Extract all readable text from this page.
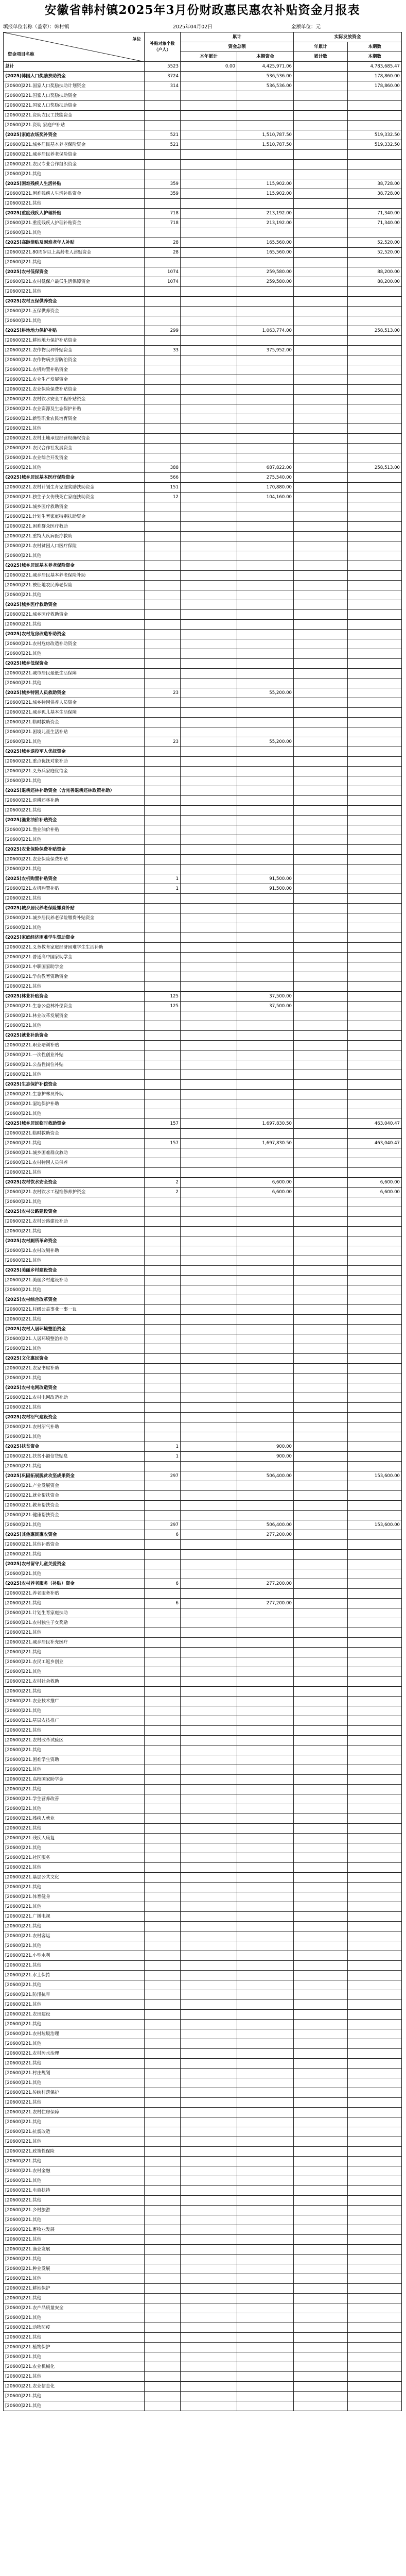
安徽省韩村镇2025年3月份财政惠民惠农补贴资金月报表
填报单位名称（盖章）：韩村镇	2025年04月02日	金额单位：元
单位
资金项目名称	补贴对象个数（户人）	累计		实际发放资金	
		资金总额		年累计	本期数
		本年累计	本期资金	累计数	本期数
总计	5523	0.00	4,425,971.06		4,783,685.47
(2025)韩国人口奖励扶助资金	3724		536,536.00		178,860.00
[20600]221.国家人口奖励扶助计划资金	314		536,536.00		178,860.00
[20600]221.国家人口奖励扶助资金					
[20600]221.国家人口奖励扶助资金					
[20600]221.资助农民工技能资金					
[20600]221.资助 家庭户补贴					
(2025)家庭农场奖补资金	521		1,510,787.50		519,332.50
[20600]221.城乡居民基本养老保险资金	521		1,510,787.50		519,332.50
[20600]221.城乡居民养老保险资金					
[20600]221.农民专业合作组织资金					
[20600]221.其他					
(2025)困难残疾人生活补贴	359		115,902.00		38,728.00
[20600]221.困难残疾人生活补贴资金	359		115,902.00		38,728.00
[20600]221.其他					
(2025)重度残疾人护理补贴	718		213,192.00		71,340.00
[20600]221.重度残疾人护理补贴资金	718		213,192.00		71,340.00
[20600]221.其他					
(2025)高龄津贴及困难老年人补贴	28		165,560.00		52,520.00
[20600]221.80周岁以上高龄老人津贴资金	28		165,560.00		52,520.00
[20600]221.其他					
(2025)农村低保资金	1074		259,580.00		88,200.00
[20600]221.农村低保户最低生活保障资金	1074		259,580.00		88,200.00
[20600]221.其他					
(2025)农村五保供养资金					
[20600]221.五保供养资金					
[20600]221.其他					
(2025)耕地地力保护补贴	299		1,063,774.00		258,513.00
[20600]221.耕地地力保护补贴资金					
[20600]221.农作物良种补贴资金	33		375,952.00		
[20600]221.农作物病虫害防治资金					
[20600]221.农机购置补贴资金					
[20600]221.农业生产发展资金					
[20600]221.农业保险保费补贴资金					
[20600]221.农村饮水安全工程补贴资金					
[20600]221.农业资源及生态保护补贴					
[20600]221.新型职业农民培育资金					
[20600]221.其他					
[20600]221.农村土地承包经营权确权资金					
[20600]221.农民合作社发展资金					
[20600]221.农业综合开发资金					
[20600]221.其他	388		687,822.00		258,513.00
(2025)城乡居民基本医疗保险资金	566		275,540.00		
[20600]221.农村计划生育家庭奖励扶助资金	151		170,880.00		
[20600]221.独生子女伤残死亡家庭扶助资金	12		104,160.00		
[20600]221.城乡医疗救助资金					
[20600]221.计划生育家庭特别扶助资金					
[20600]221.困难群众医疗救助					
[20600]221.重特大疾病医疗救助					
[20600]221.农村贫困人口医疗保险					
[20600]221.其他					
(2025)城乡居民基本养老保险资金					
[20600]221.城乡居民基本养老保险补助					
[20600]221.被征地农民养老保险					
[20600]221.其他					
(2025)城乡医疗救助资金					
[20600]221.城乡医疗救助资金					
[20600]221.其他					
(2025)农村危房改造补助资金					
[20600]221.农村危房改造补助资金					
[20600]221.其他					
(2025)城乡低保资金					
[20600]221.城市居民最低生活保障					
[20600]221.其他					
(2025)城乡特困人员救助资金	23		55,200.00		
[20600]221.城乡特困供养人员资金					
[20600]221.城乡孤儿基本生活保障					
[20600]221.临时救助资金					
[20600]221.困境儿童生活补贴					
[20600]221.其他	23		55,200.00		
(2025)城乡退役军人优抚资金					
[20600]221.重点优抚对象补助					
[20600]221.义务兵家庭优待金					
[20600]221.其他					
(2025)退耕还林补助资金（含完善退耕还林政策补助）					
[20600]221.退耕还林补助					
[20600]221.其他					
(2025)渔业油价补贴资金					
[20600]221.渔业油价补贴					
[20600]221.其他					
(2025)农业保险保费补贴资金					
[20600]221.农业保险保费补贴					
[20600]221.其他					
(2025)农机购置补贴资金	1		91,500.00		
[20600]221.农机购置补贴	1		91,500.00		
[20600]221.其他					
(2025)城乡居民养老保险缴费补贴					
[20600]221.城乡居民养老保险缴费补贴资金					
[20600]221.其他					
(2025)家庭经济困难学生资助资金					
[20600]221.义务教育家庭经济困难学生生活补助					
[20600]221.普通高中国家助学金					
[20600]221.中职国家助学金					
[20600]221.学前教育资助资金					
[20600]221.其他					
(2025)林业补贴资金	125		37,500.00		
[20600]221.生态公益林补偿资金	125		37,500.00		
[20600]221.林业改革发展资金					
[20600]221.其他					
(2025)就业补助资金					
[20600]221.职业培训补贴					
[20600]221.一次性创业补贴					
[20600]221.公益性岗位补贴					
[20600]221.其他					
(2025)生态保护补偿资金					
[20600]221.生态护林员补助					
[20600]221.湿地保护补助					
[20600]221.其他					
(2025)城乡居民临时救助资金	157		1,697,830.50		463,040.47
[20600]221.临时救助资金					
[20600]221.其他	157		1,697,830.50		463,040.47
[20600]221.城乡困难群众救助					
[20600]221.农村特困人员供养					
[20600]221.其他					
(2025)农村饮水安全资金	2		6,600.00		6,600.00
[20600]221.农村饮水工程维修养护资金	2		6,600.00		6,600.00
[20600]221.其他					
(2025)农村公路建设资金					
[20600]221.农村公路建设补助					
[20600]221.其他					
(2025)农村厕所革命资金					
[20600]221.农村改厕补助					
[20600]221.其他					
(2025)美丽乡村建设资金					
[20600]221.美丽乡村建设补助					
[20600]221.其他					
(2025)农村综合改革资金					
[20600]221.村级公益事业一事一议					
[20600]221.其他					
(2025)农村人居环境整治资金					
[20600]221.人居环境整治补助					
[20600]221.其他					
(2025)文化惠民资金					
[20600]221.农家书屋补助					
[20600]221.其他					
(2025)农村电网改造资金					
[20600]221.农村电网改造补助					
[20600]221.其他					
(2025)农村沼气建设资金					
[20600]221.农村沼气补助					
[20600]221.其他					
(2025)扶贫资金	1		900.00		
[20600]221.扶贫小额信贷贴息	1		900.00		
[20600]221.其他					
(2025)巩固拓展脱贫攻坚成果资金	297		506,400.00		153,600.00
[20600]221.产业发展资金					
[20600]221.就业帮扶资金					
[20600]221.教育帮扶资金					
[20600]221.健康帮扶资金					
[20600]221.其他	297		506,400.00		153,600.00
(2025)其他惠民惠农资金	6		277,200.00		
[20600]221.其他补贴资金					
[20600]221.其他					
(2025)农村留守儿童关爱资金					
[20600]221.其他					
(2025)农村养老服务（补贴）资金	6		277,200.00		
[20600]221.养老服务补贴					
[20600]221.其他	6		277,200.00		
[20600]221.计划生育家庭扶助					
[20600]221.农村独生子女奖励					
[20600]221.其他					
[20600]221.城乡居民补充医疗					
[20600]221.其他					
[20600]221.农民工返乡创业					
[20600]221.其他					
[20600]221.农村社会救助					
[20600]221.其他					
[20600]221.农业技术推广					
[20600]221.其他					
[20600]221.基层农技推广					
[20600]221.其他					
[20600]221.农村改革试验区					
[20600]221.其他					
[20600]221.困难学生资助					
[20600]221.其他					
[20600]221.高校国家助学金					
[20600]221.其他					
[20600]221.学生营养改善					
[20600]221.其他					
[20600]221.残疾人就业					
[20600]221.其他					
[20600]221.残疾人康复					
[20600]221.其他					
[20600]221.社区服务					
[20600]221.其他					
[20600]221.基层公共文化					
[20600]221.其他					
[20600]221.体育健身					
[20600]221.其他					
[20600]221.广播电视					
[20600]221.其他					
[20600]221.农村客运					
[20600]221.其他					
[20600]221.小型水利					
[20600]221.其他					
[20600]221.水土保持					
[20600]221.其他					
[20600]221.防汛抗旱					
[20600]221.其他					
[20600]221.农田建设					
[20600]221.其他					
[20600]221.农村垃圾治理					
[20600]221.其他					
[20600]221.农村污水治理					
[20600]221.其他					
[20600]221.村庄规划					
[20600]221.其他					
[20600]221.传统村落保护					
[20600]221.其他					
[20600]221.农村住房保障					
[20600]221.其他					
[20600]221.抗震改造					
[20600]221.其他					
[20600]221.政策性保险					
[20600]221.其他					
[20600]221.农村金融					
[20600]221.其他					
[20600]221.电商扶持					
[20600]221.其他					
[20600]221.乡村旅游					
[20600]221.其他					
[20600]221.畜牧业发展					
[20600]221.其他					
[20600]221.渔业发展					
[20600]221.其他					
[20600]221.种业发展					
[20600]221.其他					
[20600]221.耕地保护					
[20600]221.其他					
[20600]221.农产品质量安全					
[20600]221.其他					
[20600]221.动物防疫					
[20600]221.其他					
[20600]221.植物保护					
[20600]221.其他					
[20600]221.农业机械化					
[20600]221.其他					
[20600]221.农业信息化					
[20600]221.其他					
[20600]221.其他					
